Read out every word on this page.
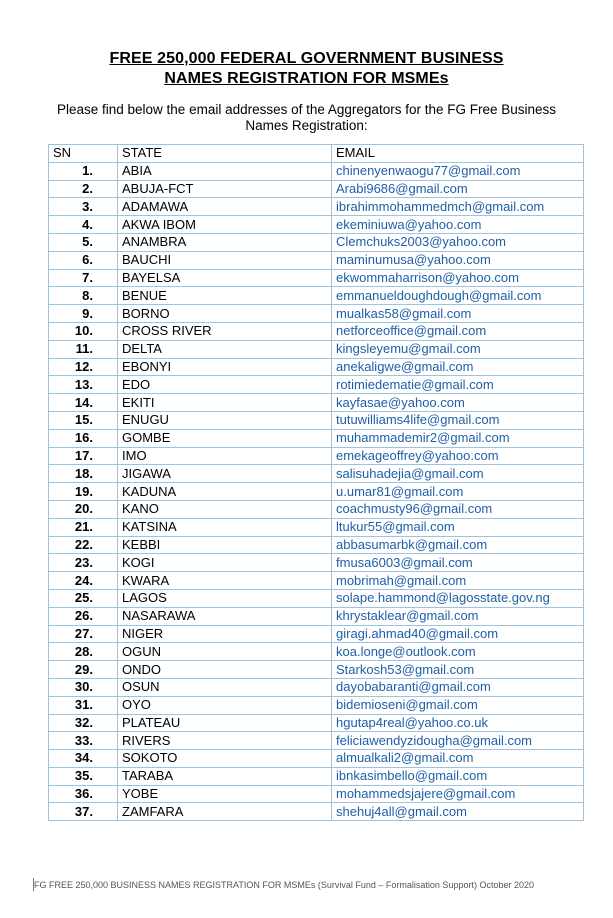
FREE 250,000 FEDERAL GOVERNMENT BUSINESS
NAMES REGISTRATION FOR MSMEs
Please find below the email addresses of the Aggregators for the FG Free Business
Names Registration:
SN	STATE	EMAIL
1.	ABIA	chinenyenwaogu77@gmail.com
2.	ABUJA-FCT	Arabi9686@gmail.com
3.	ADAMAWA	ibrahimmohammedmch@gmail.com
4.	AKWA IBOM	ekeminiuwa@yahoo.com
5.	ANAMBRA	Clemchuks2003@yahoo.com
6.	BAUCHI	maminumusa@yahoo.com
7.	BAYELSA	ekwommaharrison@yahoo.com
8.	BENUE	emmanueldoughdough@gmail.com
9.	BORNO	mualkas58@gmail.com
10.	CROSS RIVER	netforceoffice@gmail.com
11.	DELTA	kingsleyemu@gmail.com
12.	EBONYI	anekaligwe@gmail.com
13.	EDO	rotimiedematie@gmail.com
14.	EKITI	kayfasae@yahoo.com
15.	ENUGU	tutuwilliams4life@gmail.com
16.	GOMBE	muhammademir2@gmail.com
17.	IMO	emekageoffrey@yahoo.com
18.	JIGAWA	salisuhadejia@gmail.com
19.	KADUNA	u.umar81@gmail.com
20.	KANO	coachmusty96@gmail.com
21.	KATSINA	ltukur55@gmail.com
22.	KEBBI	abbasumarbk@gmail.com
23.	KOGI	fmusa6003@gmail.com
24.	KWARA	mobrimah@gmail.com
25.	LAGOS	solape.hammond@lagosstate.gov.ng
26.	NASARAWA	khrystaklear@gmail.com
27.	NIGER	giragi.ahmad40@gmail.com
28.	OGUN	koa.longe@outlook.com
29.	ONDO	Starkosh53@gmail.com
30.	OSUN	dayobabaranti@gmail.com
31.	OYO	bidemioseni@gmail.com
32.	PLATEAU	hgutap4real@yahoo.co.uk
33.	RIVERS	feliciawendyzidougha@gmail.com
34.	SOKOTO	almualkali2@gmail.com
35.	TARABA	ibnkasimbello@gmail.com
36.	YOBE	mohammedsjajere@gmail.com
37.	ZAMFARA	shehuj4all@gmail.com
FG FREE 250,000 BUSINESS NAMES REGISTRATION FOR MSMEs (Survival Fund – Formalisation Support) October 2020
